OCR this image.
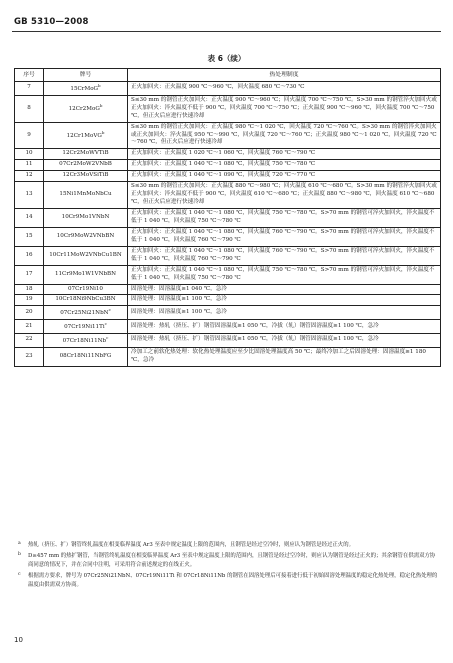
GB 5310—2008
表 6（续）
序号	牌号	热处理制度
7	15CrMoG$^b$	正火加回火：正火温度 900 ℃～960 ℃，回火温度 680 ℃～730 ℃
8	12Cr2MoG$^b$	S≤30 mm 的钢管正火加回火：正火温度 900 ℃～960 ℃；回火温度 700 ℃～750 ℃。S>30 mm 的钢管淬火加回火或正火加回火：淬火温度不低于 900 ℃，回火温度 700 ℃～750 ℃；正火温度 900 ℃～960 ℃，回火温度 700 ℃～750 ℃，但正火后应进行快速冷却
9	12Cr1MoVG$^b$	S≤30 mm 的钢管正火加回火：正火温度 980 ℃～1 020 ℃，回火温度 720 ℃～760 ℃。S>30 mm 的钢管淬火加回火或正火加回火：淬火温度 950 ℃～990 ℃，回火温度 720 ℃～760 ℃；正火温度 980 ℃～1 020 ℃，回火温度 720 ℃～760 ℃，但正火后应进行快速冷却
10	12Cr2MoWVTiB	正火加回火：正火温度 1 020 ℃～1 060 ℃，回火温度 760 ℃～790 ℃
11	07Cr2MoW2VNbB	正火加回火：正火温度 1 040 ℃～1 080 ℃，回火温度 750 ℃～780 ℃
12	12Cr3MoVSiTiB	正火加回火：正火温度 1 040 ℃～1 090 ℃，回火温度 720 ℃～770 ℃
13	15Ni1MnMoNbCu	S≤30 mm 的钢管正火加回火：正火温度 880 ℃～980 ℃；回火温度 610 ℃～680 ℃。S>30 mm 的钢管淬火加回火或正火加回火：淬火温度不低于 900 ℃，回火温度 610 ℃～680 ℃；正火温度 880 ℃～980 ℃，回火温度 610 ℃～680 ℃，但正火后应进行快速冷却
14	10Cr9Mo1VNbN	正火加回火：正火温度 1 040 ℃～1 080 ℃，回火温度 750 ℃～780 ℃。S>70 mm 的钢管可淬火加回火，淬火温度不低于 1 040 ℃，回火温度 750 ℃～780 ℃
15	10Cr9MoW2VNbBN	正火加回火：正火温度 1 040 ℃～1 080 ℃，回火温度 760 ℃～790 ℃。S>70 mm 的钢管可淬火加回火，淬火温度不低于 1 040 ℃，回火温度 760 ℃～790 ℃
16	10Cr11MoW2VNbCu1BN	正火加回火：正火温度 1 040 ℃～1 080 ℃，回火温度 760 ℃～790 ℃。S>70 mm 的钢管可淬火加回火，淬火温度不低于 1 040 ℃，回火温度 760 ℃～790 ℃
17	11Cr9Mo1W1VNbBN	正火加回火：正火温度 1 040 ℃～1 080 ℃，回火温度 750 ℃～780 ℃。S>70 mm 的钢管可淬火加回火，淬火温度不低于 1 040 ℃，回火温度 750 ℃～780 ℃
18	07Cr19Ni10	固溶处理：固溶温度≥1 040 ℃，急冷
19	10Cr18Ni9NbCu3BN	固溶处理：固溶温度≥1 100 ℃，急冷
20	07Cr25Ni21NbN$^c$	固溶处理：固溶温度≥1 100 ℃，急冷
21	07Cr19Ni11Ti$^c$	固溶处理：热轧（挤压、扩）钢管固溶温度≥1 050 ℃，冷拔（轧）钢管固溶温度≥1 100 ℃，急冷
22	07Cr18Ni11Nb$^c$	固溶处理：热轧（挤压、扩）钢管固溶温度≥1 050 ℃，冷拔（轧）钢管固溶温度≥1 100 ℃，急冷
23	08Cr18Ni11NbFG	冷加工之前软化热处理：软化热处理温度应至少比固溶处理温度高 50 ℃；最终冷加工之后固溶处理：固溶温度≥1 180 ℃，急冷
a 热轧（挤压、扩）钢管终轧温度在相变临界温度 Ar3 至表中规定温度上限的范围内，且钢管是经过空冷时，则应认为钢管是经过正火的。
b D≥457 mm 的热扩钢管，当钢管终轧温度在相变临界温度 Ar3 至表中规定温度上限的范围内，且钢管是经过空冷时，则应认为钢管是经过正火的；其余钢管在供需双方协商同意的情况下，并在合同中注明，可采用符合前述规定的在线正火。
c 根据需方要求，牌号为 07Cr25Ni21NbN、07Cr19Ni11Ti 和 07Cr18Ni11Nb 的钢管在固溶处理后可接着进行低于初始固溶处理温度的稳定化热处理，稳定化热处理的温度由供需双方协商。
10
